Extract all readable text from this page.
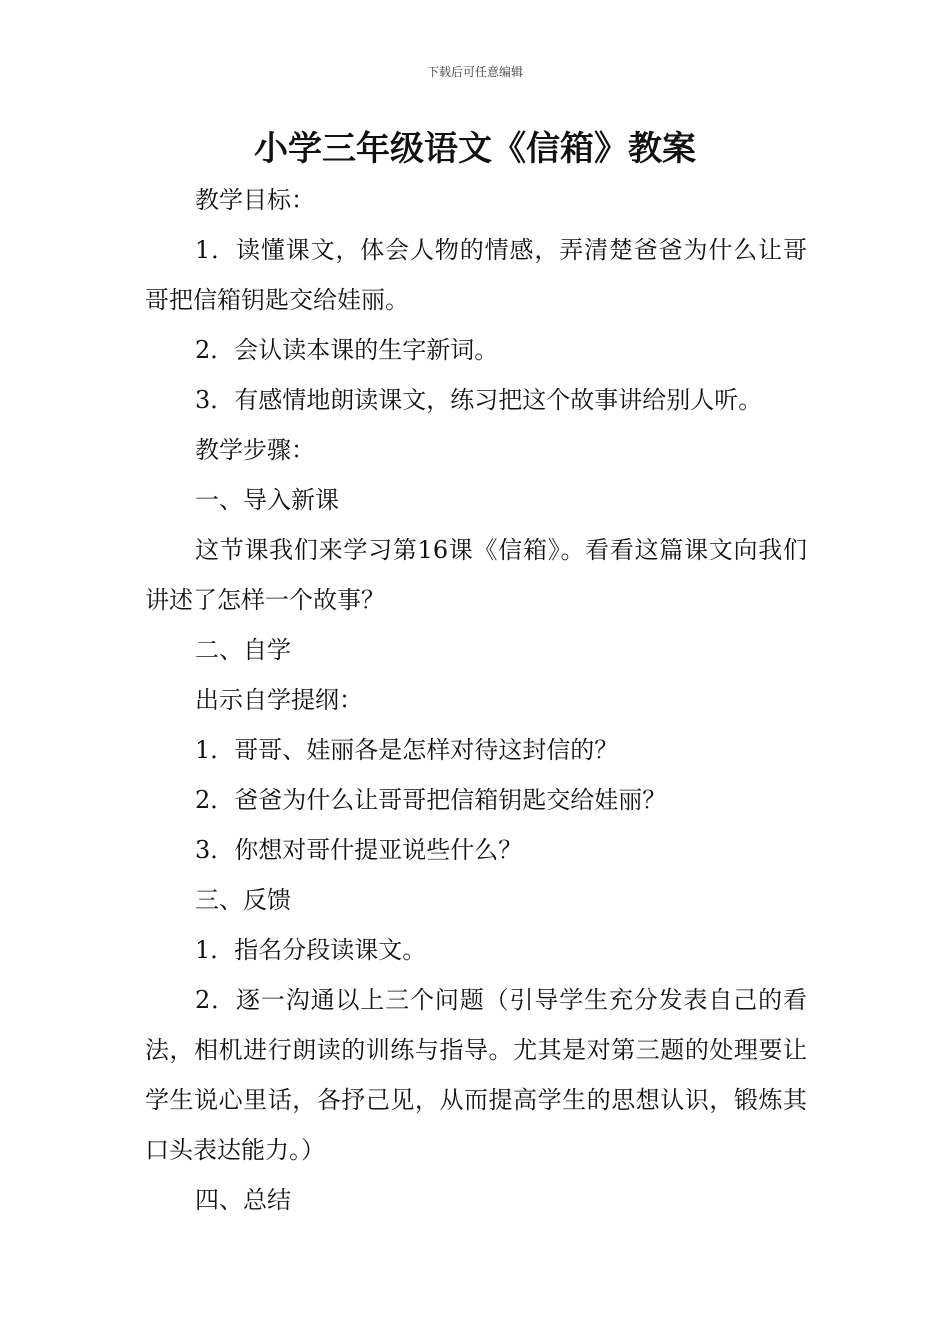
下载后可任意编辑
小学三年级语文《信箱》教案

教学目标：

1．读懂课文，体会人物的情感，弄清楚爸爸为什么让哥哥把信箱钥匙交给娃丽。

2．会认读本课的生字新词。

3．有感情地朗读课文，练习把这个故事讲给别人听。

教学步骤：

一、导入新课

这节课我们来学习第16课《信箱》。看看这篇课文向我们讲述了怎样一个故事？

二、自学

出示自学提纲：

1．哥哥、娃丽各是怎样对待这封信的？

2．爸爸为什么让哥哥把信箱钥匙交给娃丽？

3．你想对哥什提亚说些什么？

三、反馈

1．指名分段读课文。

2．逐一沟通以上三个问题（引导学生充分发表自己的看法，相机进行朗读的训练与指导。尤其是对第三题的处理要让学生说心里话，各抒己见，从而提高学生的思想认识，锻炼其口头表达能力。）

四、总结
